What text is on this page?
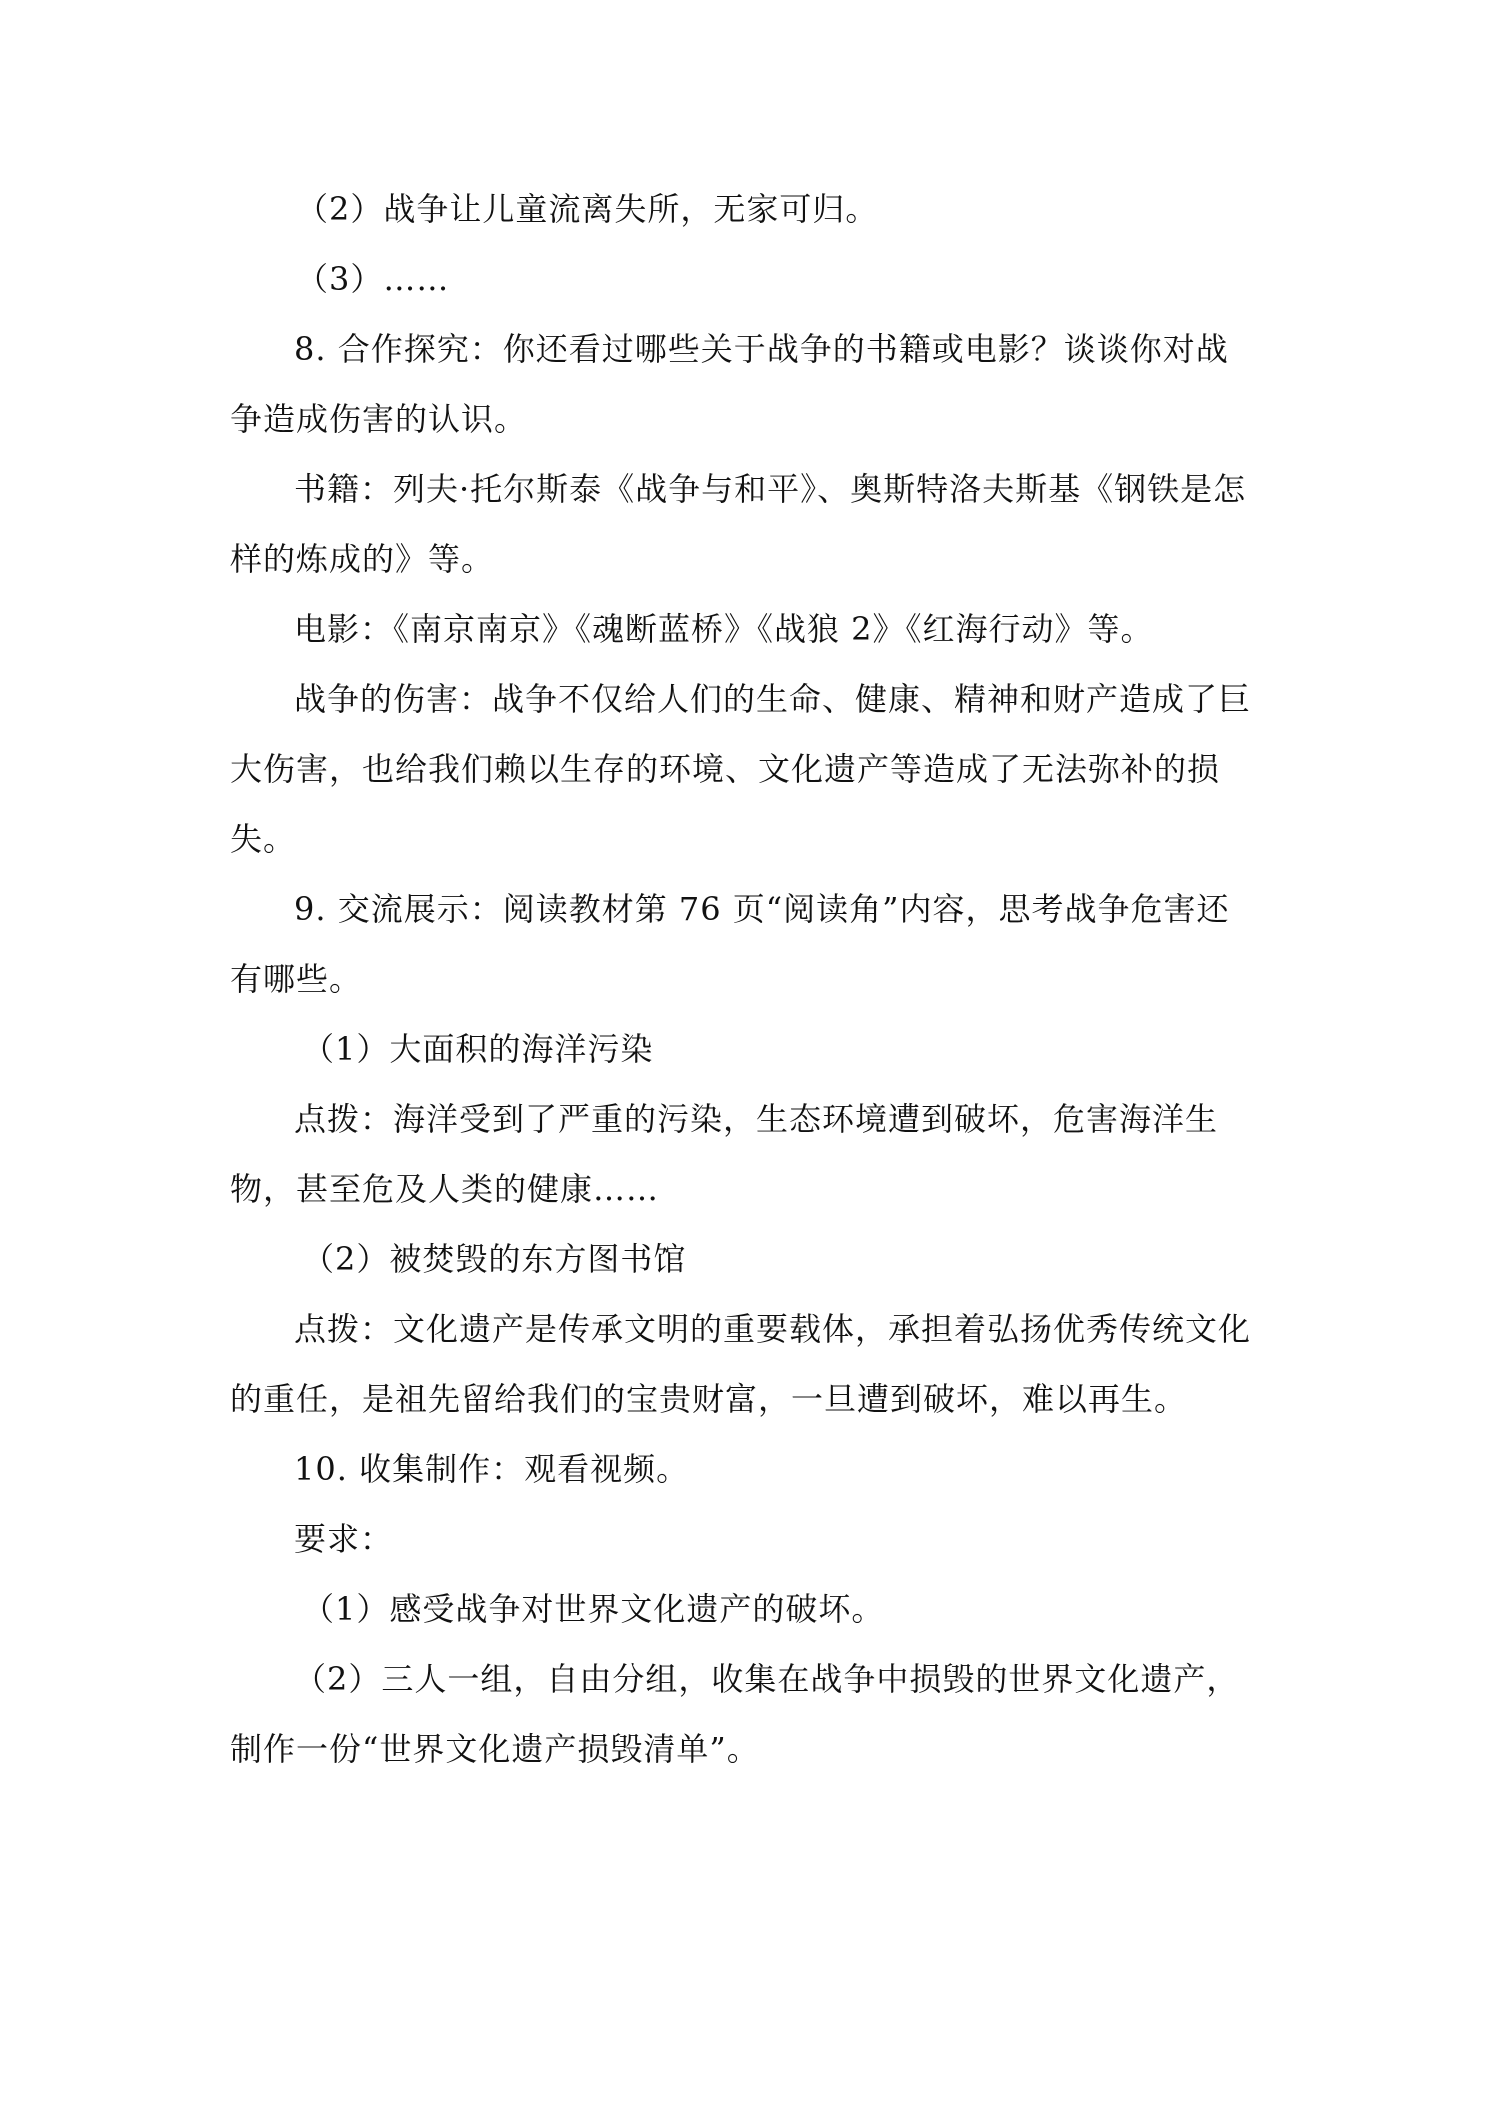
（2）战争让儿童流离失所，无家可归。

（3）……

8. 合作探究：你还看过哪些关于战争的书籍或电影？谈谈你对战争造成伤害的认识。

书籍：列夫·托尔斯泰《战争与和平》、奥斯特洛夫斯基《钢铁是怎样的炼成的》等。

电影：《南京南京》《魂断蓝桥》《战狼 2》《红海行动》等。

战争的伤害：战争不仅给人们的生命、健康、精神和财产造成了巨大伤害，也给我们赖以生存的环境、文化遗产等造成了无法弥补的损失。

9. 交流展示：阅读教材第 76 页“阅读角”内容，思考战争危害还有哪些。

（1）大面积的海洋污染

点拨：海洋受到了严重的污染，生态环境遭到破坏，危害海洋生物，甚至危及人类的健康……

（2）被焚毁的东方图书馆

点拨：文化遗产是传承文明的重要载体，承担着弘扬优秀传统文化的重任，是祖先留给我们的宝贵财富，一旦遭到破坏，难以再生。

10. 收集制作：观看视频。

要求：

（1）感受战争对世界文化遗产的破坏。

（2）三人一组，自由分组，收集在战争中损毁的世界文化遗产，制作一份“世界文化遗产损毁清单”。
